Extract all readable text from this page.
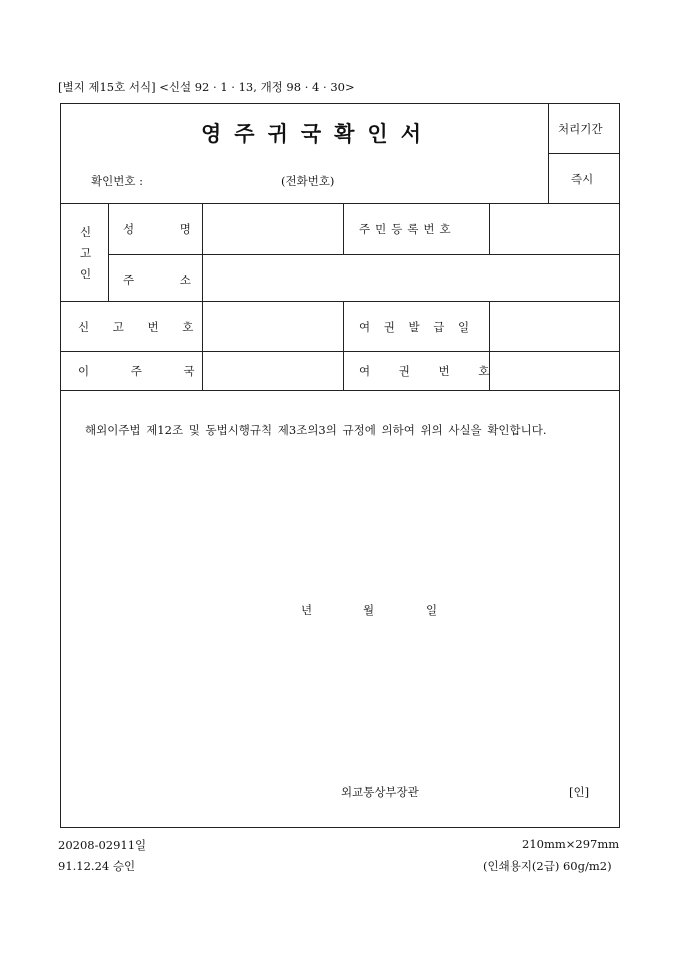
[별지 제15호 서식] <신설 92 · 1 · 13, 개정 98 · 4 · 30>
영주귀국확인서	처리기간
즉시
확인번호 :	(전화번호)
신
고
인
성 명	주민등록번호
주 소
신 고 번 호	여 권 발 급 일
이 주 국	여 권 번 호
해외이주법 제12조 및 동법시행규칙 제3조의3의 규정에 의하여 위의 사실을 확인합니다.
년	월	일
외교통상부장관	[인]
20208-02911일
91.12.24 승인
210mm×297mm
(인쇄용지(2급) 60g/m2)
